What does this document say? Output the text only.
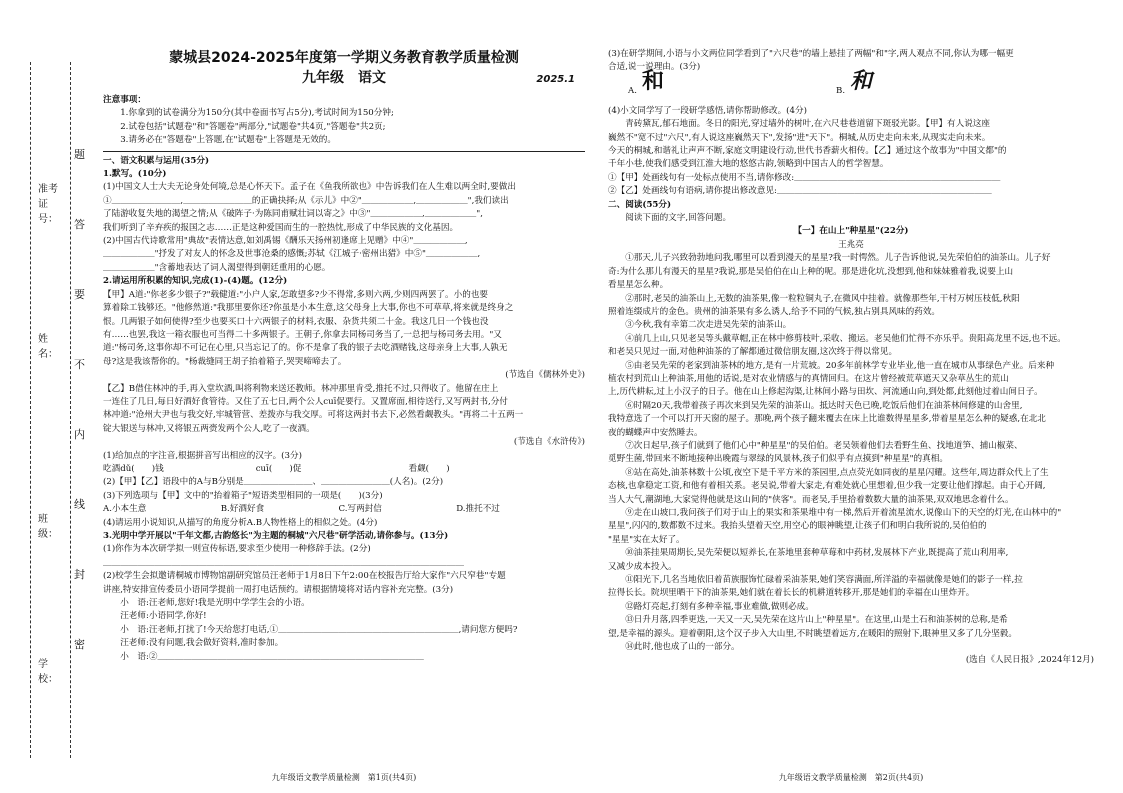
学校：
班级：
姓名：
准考证号：
题
答
要
不
内
线
封
密
蒙城县2024-2025年度第一学期义务教育教学质量检测
九年级　语文	2025.1
注意事项：
1.你拿到的试卷满分为150分(其中卷面书写占5分),考试时间为150分钟;
2.试卷包括"试题卷"和"答题卷"两部分,"试题卷"共4页,"答题卷"共2页;
3.请务必在"答题卷"上答题,在"试题卷"上答题是无效的。
一、语文积累与运用(35分)
1.默写。(10分)
(1)中国文人士大夫无论身处何境,总是心怀天下。孟子在《鱼我所欲也》中告诉我们在人生难以两全时,要做出
①＿＿＿＿＿＿＿＿,＿＿＿＿＿＿＿＿的正确抉择;从《示儿》中②"＿＿＿＿＿＿,＿＿＿＿＿＿",我们读出
了陆游收复失地的渴望之情;从《破阵子·为陈同甫赋壮词以寄之》中③"＿＿＿＿＿＿,＿＿＿＿＿＿",
我们听到了辛弃疾的报国之志……正是这种爱国而生的一腔热忱,形成了中华民族的文化基因。
(2)中国古代诗歌常用"典故"表情达意,如刘禹锡《酬乐天扬州初逢席上见赠》中④"＿＿＿＿＿＿,
＿＿＿＿＿＿"抒发了对友人的怀念及世事沧桑的感慨;苏轼《江城子·密州出猎》中⑤"＿＿＿＿＿＿,
＿＿＿＿＿＿"含蓄地表达了词人渴望得到朝廷重用的心愿。
2.请运用所积累的知识,完成(1)-(4)题。(12分)
【甲】A道:"你老多少银子?"载健道:"小户人家,怎敢望多?少不得常,多则六两,少则四两罢了。小的也要
算着除工钱够还。"他修然道:"我那里要你还?你虽是小本生意,这父母身上大事,你也不可草草,将来就是终身之
恨。几两银子如何使得?至少也要买口十六两银子的材料,衣服、杂货共须二十金。我这几日一个钱也没
有……也罢,我这一箱衣服也可当得二十多两银子。王朝子,你拿去同杨司务当了,一总把与杨司务去用。"又
道:"杨司务,这事你却不可记在心里,只当忘记了的。你不是拿了我的银子去吃酒赌钱,这母亲身上大事,人孰无
母?这是我该帮你的。"杨裁缝同王胡子抬着箱子,哭哭啼啼去了。
(节选自《儒林外史》)
【乙】B借住林冲的手,再入堂坎酒,叫将利物来送还教师。林冲那里肯受,推托不过,只得收了。他留在庄上
一连住了几日,每日好酒好食管待。又住了五七日,两个公人cuī促要行。又置席面,相待送行,又写两封书,分付
林冲道:"沧州大尹也与我交好,牢城管营、差拨亦与我交厚。可将这两封书去下,必然看觑教头。"再将二十五两一
锭大银送与林冲,又将银五两赍发两个公人,吃了一夜酒。
(节选自《水浒传》)
(1)给加点的字注音,根据拼音写出相应的汉字。(3分)
吃酒dǔ(　　)钱	cuī(　　)促	看觑(　　)
(2)【甲】【乙】语段中的A与B分别是＿＿＿＿＿＿＿＿、＿＿＿＿＿＿＿＿(人名)。(2分)
(3)下列选项与【甲】文中的"抬着箱子"短语类型相同的一项是(　　)(3分)
A.小本生意	B.好酒好食	C.写两封信	D.推托不过
(4)请运用小说知识,从描写的角度分析A.B人物性格上的相似之处。(4分)
3.光明中学开展以"千年文都,古韵悠长"为主题的桐城"六尺巷"研学活动,请你参与。(13分)
(1)你作为本次研学拟一则宣传标语,要求至少使用一种修辞手法。(2分)
＿＿＿＿＿＿＿＿＿＿＿＿＿＿＿＿＿＿＿＿＿＿＿＿＿＿＿＿＿＿＿＿＿＿＿＿＿＿＿＿＿＿
(2)校学生会拟邀请桐城市博物馆副研究馆员汪老师于1月8日下午2:00在校报告厅给大家作"六尺窄巷"专题
讲座,特安排宣传委员小语同学提前一周打电话预约。请根据情境将对话内容补充完整。(3分)
小　语:汪老师,您好!我是光明中学学生会的小语。
汪老师:小语同学,你好!
小　语:汪老师,打扰了!今天给您打电话,①＿＿＿＿＿＿＿＿＿＿＿＿＿＿＿＿＿＿＿＿＿,请问您方便吗?
汪老师:没有问题,我会做好资料,准时参加。
小　语:②＿＿＿＿＿＿＿＿＿＿＿＿＿＿＿＿＿＿＿＿＿＿＿＿＿＿＿＿＿＿＿
九年级语文教学质量检测　第1页(共4页)
(3)在研学期间,小语与小文两位同学看到了"六尺巷"的墙上悬挂了两幅"和"字,两人观点不同,你认为哪一幅更
合适,说一说理由。(3分)
A. 和	B. 和
(4)小文同学写了一段研学感悟,请你帮助修改。(4分)
青砖黛瓦,郁石地面。冬日的阳光,穿过墙外的树叶,在六尺巷巷道留下斑驳光影。【甲】有人说这座
巍然不"宽不过"六尺",有人说这座巍然天下",发扬"进"天下"。桐城,从历史走向未来,从现实走向未来。
今天的桐城,和谐礼让声声不断,家庭文明建设行动,世代书香薪火相传。【乙】通过这个故事为"中国文都"的
千年小巷,使我们感受到江淮大地的悠悠古韵,领略到中国古人的哲学智慧。
①【甲】处画线句有一处标点使用不当,请你修改:＿＿＿＿＿＿＿＿＿＿＿＿＿＿＿＿＿＿＿＿＿＿＿＿
②【乙】处画线句有语病,请你提出修改意见:＿＿＿＿＿＿＿＿＿＿＿＿＿＿＿＿＿＿＿＿＿＿＿＿＿
二、阅读(55分)
阅读下面的文字,回答问题。
【一】在山上"种星星"(22分)
王兆亮
①那天,儿子兴致勃勃地问我,哪里可以看到漫天的星星?我一时愕然。儿子告诉他说,吴先荣伯伯的油茶山。儿子好
奇:为什么那儿有漫天的星星?我说,那是吴伯伯在山上种的呢。那是进化坑,没想到,他和妹妹雅着我,说要上山
看星星怎么种。
②那时,老吴的油茶山上,无数的油茶果,像一粒粒铜丸子,在微风中挂着。就像那些年,干村万树压枝低,秋阳
照着连缀成片的金色。贵州的油茶果有多么诱人,给予不同的气候,独占别具风味的药效。
③今秋,我有幸第二次走进吴先荣的油茶山。
④前几上山,只见老吴等头戴草帽,正在林中修剪枝叶,采收、搬运。老吴他们忙得不亦乐乎。贵阳高龙里不远,也不远。
和老吴只见过一面,对他种油茶的了解都通过微信朋友圈,这次终于得以常见。
⑤由老吴先荣的老家到油茶林的地方,是有一片荒坡。20多年前林学专业毕业,他一直在城市从事绿色产业。后来种
植农村到荒山上种油茶,用他的话说,是对农业情感与的真情回归。在这片曾经被荒草遮天又杂草丛生的荒山
上,历代耕耘,过上小汉子的日子。他在山上修起沟渠,让林间小路与田坎、河流通山向,到处都,此刻他过着山间日子。
⑥时隔20天,我带着孩子再次来到吴先荣的油茶山。抵达时天色已晚,吃饭后他们在油茶林间修建的山舍里,
我特意选了一个可以打开天窗的屋子。那晚,两个孩子翻来覆去在床上比谁数得星星多,带着星星怎么种的疑惑,在北北
夜的蝴蝶声中安然睡去。
⑦次日起早,孩子们就到了他们心中"种星星"的吴伯伯。老吴领着他们去看野生鱼、找地道笋、捕山椒菜、
觅野生菌,带回来不断地接种出晚霞与翠绿的风景林,孩子们似乎有点摸到"种星星"的真相。
⑧站在高处,油茶林数十公顷,夜空下是千平方米的茶园里,点点荧光如同夜的星星闪耀。这些年,周边群众代上了生
态核,也拿稳定工资,和他有着相关系。老吴说,带着大家走,有难处就心里想着,但少我一定要让他们撑起。由于心开阔,
当人大气,潮湖地,大家觉得他就是这山间的"侠客"。而老吴,手里拾着数数大量的油茶果,双双地思念着什么。
⑨走在山坡口,我问孩子们对于山上的果实和茶果堆中有一梯,然后开着流星流水,说像山下的天空的灯光,在山林中的"
星星",闪闪的,数都数不过来。我抬头望着天空,用空心的眼神眺望,让孩子们和明白我所说的,吴伯伯的
"星星"实在太好了。
⑩油茶挂果周期长,吴先荣便以短养长,在茶地里套种草莓和中药材,发展林下产业,既提高了荒山利用率,
又减少成本投入。
⑪阳光下,几名当地依旧着苗族服饰忙碌着采油茶果,她们笑容满面,所洋溢的幸福就像是她们的影子一样,拉
拉得长长。院坝里晒干下的油茶果,她们就在着长长的机耕道转移开,那是她们的幸福在山里炸开。
⑫路灯亮起,打刻有多种幸福,事业难做,做则必成。
⑬日升月落,四季更迭,一天又一天,吴先荣在这片山上"种星星"。在这里,山是土石和油茶树的总称,是希
望,是幸福的源头。迎着朝阳,这个汉子步入大山里,不时眺望着远方,在暖阳的照射下,眼神里又多了几分坚毅。
⑭此时,他也成了山的一部分。
(选自《人民日报》,2024年12月)
九年级语文教学质量检测　第2页(共4页)
